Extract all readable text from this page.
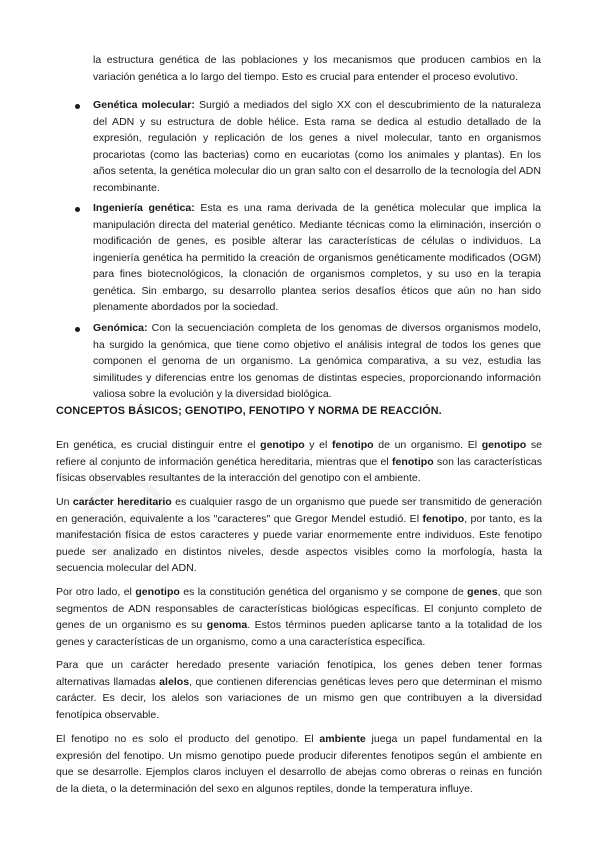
la estructura genética de las poblaciones y los mecanismos que producen cambios en la variación genética a lo largo del tiempo. Esto es crucial para entender el proceso evolutivo.

Genética molecular: Surgió a mediados del siglo XX con el descubrimiento de la naturaleza del ADN y su estructura de doble hélice. Esta rama se dedica al estudio detallado de la expresión, regulación y replicación de los genes a nivel molecular, tanto en organismos procariotas (como las bacterias) como en eucariotas (como los animales y plantas). En los años setenta, la genética molecular dio un gran salto con el desarrollo de la tecnología del ADN recombinante.

Ingeniería genética: Esta es una rama derivada de la genética molecular que implica la manipulación directa del material genético. Mediante técnicas como la eliminación, inserción o modificación de genes, es posible alterar las características de células o individuos. La ingeniería genética ha permitido la creación de organismos genéticamente modificados (OGM) para fines biotecnológicos, la clonación de organismos completos, y su uso en la terapia genética. Sin embargo, su desarrollo plantea serios desafíos éticos que aún no han sido plenamente abordados por la sociedad.

Genómica: Con la secuenciación completa de los genomas de diversos organismos modelo, ha surgido la genómica, que tiene como objetivo el análisis integral de todos los genes que componen el genoma de un organismo. La genómica comparativa, a su vez, estudia las similitudes y diferencias entre los genomas de distintas especies, proporcionando información valiosa sobre la evolución y la diversidad biológica.

CONCEPTOS BÁSICOS; GENOTIPO, FENOTIPO Y NORMA DE REACCIÓN.

En genética, es crucial distinguir entre el genotipo y el fenotipo de un organismo. El genotipo se refiere al conjunto de información genética hereditaria, mientras que el fenotipo son las características físicas observables resultantes de la interacción del genotipo con el ambiente.

Un carácter hereditario es cualquier rasgo de un organismo que puede ser transmitido de generación en generación, equivalente a los "caracteres" que Gregor Mendel estudió. El fenotipo, por tanto, es la manifestación física de estos caracteres y puede variar enormemente entre individuos. Este fenotipo puede ser analizado en distintos niveles, desde aspectos visibles como la morfología, hasta la secuencia molecular del ADN.

Por otro lado, el genotipo es la constitución genética del organismo y se compone de genes, que son segmentos de ADN responsables de características biológicas específicas. El conjunto completo de genes de un organismo es su genoma. Estos términos pueden aplicarse tanto a la totalidad de los genes y características de un organismo, como a una característica específica.

Para que un carácter heredado presente variación fenotípica, los genes deben tener formas alternativas llamadas alelos, que contienen diferencias genéticas leves pero que determinan el mismo carácter. Es decir, los alelos son variaciones de un mismo gen que contribuyen a la diversidad fenotípica observable.

El fenotipo no es solo el producto del genotipo. El ambiente juega un papel fundamental en la expresión del fenotipo. Un mismo genotipo puede producir diferentes fenotipos según el ambiente en que se desarrolle. Ejemplos claros incluyen el desarrollo de abejas como obreras o reinas en función de la dieta, o la determinación del sexo en algunos reptiles, donde la temperatura influye.
